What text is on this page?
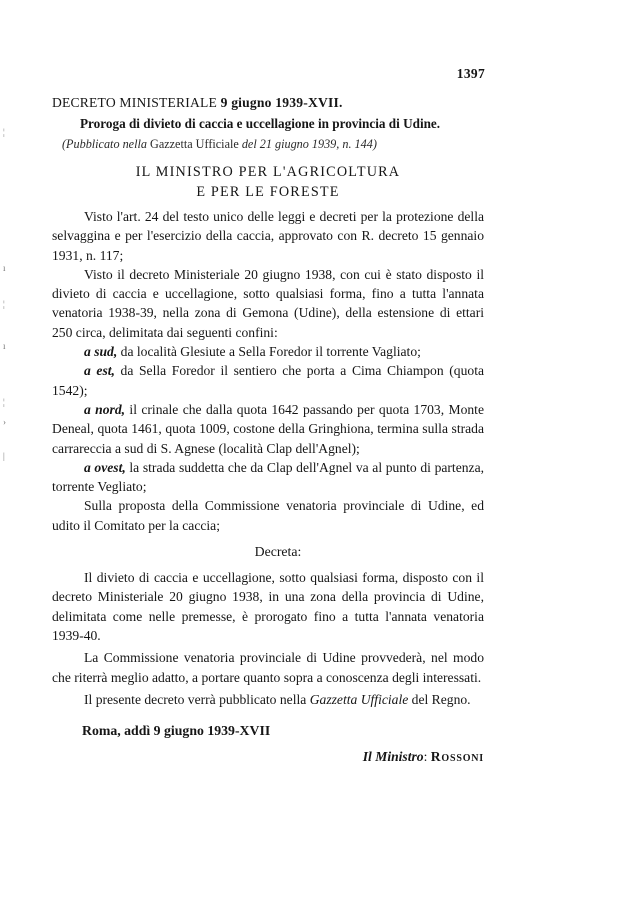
¦
ı
¦
ı
¦
›
|
1397

DECRETO MINISTERIALE 9 giugno 1939-XVII.

Proroga di divieto di caccia e uccellagione in provincia di Udine.

(Pubblicato nella Gazzetta Ufficiale del 21 giugno 1939, n. 144)

IL MINISTRO PER L'AGRICOLTURA
E PER LE FORESTE

Visto l'art. 24 del testo unico delle leggi e decreti per la protezione della selvaggina e per l'esercizio della caccia, approvato con R. decreto 15 gennaio 1931, n. 117;

Visto il decreto Ministeriale 20 giugno 1938, con cui è stato disposto il divieto di caccia e uccellagione, sotto qualsiasi forma, fino a tutta l'annata venatoria 1938-39, nella zona di Gemona (Udine), della estensione di ettari 250 circa, delimitata dai seguenti confini:

a sud, da località Glesiute a Sella Foredor il torrente Vagliato;

a est, da Sella Foredor il sentiero che porta a Cima Chiampon (quota 1542);

a nord, il crinale che dalla quota 1642 passando per quota 1703, Monte Deneal, quota 1461, quota 1009, costone della Gringhiona, termina sulla strada carrareccia a sud di S. Agnese (località Clap dell'Agnel);

a ovest, la strada suddetta che da Clap dell'Agnel va al punto di partenza, torrente Vegliato;

Sulla proposta della Commissione venatoria provinciale di Udine, ed udito il Comitato per la caccia;

Decreta:

Il divieto di caccia e uccellagione, sotto qualsiasi forma, disposto con il decreto Ministeriale 20 giugno 1938, in una zona della provincia di Udine, delimitata come nelle premesse, è prorogato fino a tutta l'annata venatoria 1939-40.

La Commissione venatoria provinciale di Udine provvederà, nel modo che riterrà meglio adatto, a portare quanto sopra a conoscenza degli interessati.

Il presente decreto verrà pubblicato nella Gazzetta Ufficiale del Regno.

Roma, addì 9 giugno 1939-XVII
Il Ministro: Rossoni
